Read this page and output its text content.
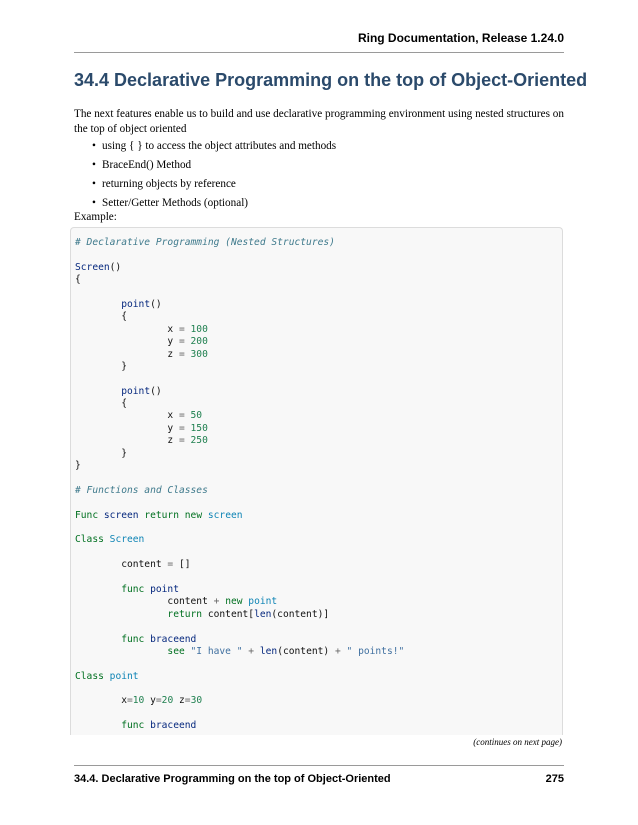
Ring Documentation, Release 1.24.0
34.4 Declarative Programming on the top of Object-Oriented

The next features enable us to build and use declarative programming environment using nested structures on the top of object oriented

• using { } to access the object attributes and methods
• BraceEnd() Method
• returning objects by reference
• Setter/Getter Methods (optional)

Example:

# Declarative Programming (Nested Structures)
Screen()
{
point()
{
x = 100
y = 200
z = 300
}
point()
{
x = 50
y = 150
z = 250
}
}
# Functions and Classes
Func screen return new screen
Class Screen
content = []
func point
content + new point
return content[len(content)]
func braceend
see "I have " + len(content) + " points!"
Class point
x=10 y=20 z=30
func braceend
(continues on next page)
34.4. Declarative Programming on the top of Object-Oriented	275
